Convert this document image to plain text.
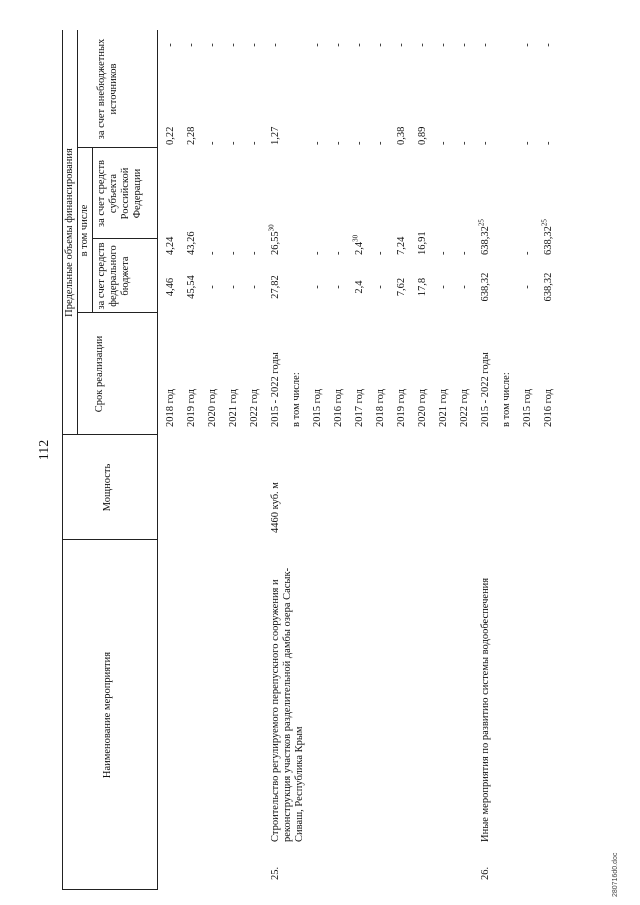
112
Наименование мероприятия
Мощность
Срок реализации
Предельные объемы финансирования в том числе
за счет средств федерального бюджета
за счет средств субъекта Российской Федерации
за счет внебюджетных источников
2018 год
4,46
4,24
0,22
-
2019 год
45,54
43,26
2,28
-
2020 год
-
-
-
-
2021 год
-
-
-
-
2022 год
-
-
-
-
25.
Строительство регулируемого перепускного сооружения и реконструкция участков разделительной дамбы озера Сасык-Сиваш, Республика Крым
4460 куб. м
2015 - 2022 годы
27,82
26,55$^{30}$
1,27
-
в том числе: 2015 год
-
-
-
-
2016 год
-
-
-
-
2017 год
2,4
$2,4^{30}$
-
-
2018 год
-
-
-
-
2019 год
7,62
7,24
0,38
-
2020 год
17,8
16,91
0,89
-
2021 год
-
-
-
-
2022 год
-
-
-
-
26.
Иные мероприятия по развитию системы водообеспечения
2015 - 2022 годы
638,32
638,32$^{25}$
-
-
в том числе: 2015 год
-
-
-
-
2016 год
638,32
638,32$^{25}$
-
-
280716d0.doc
